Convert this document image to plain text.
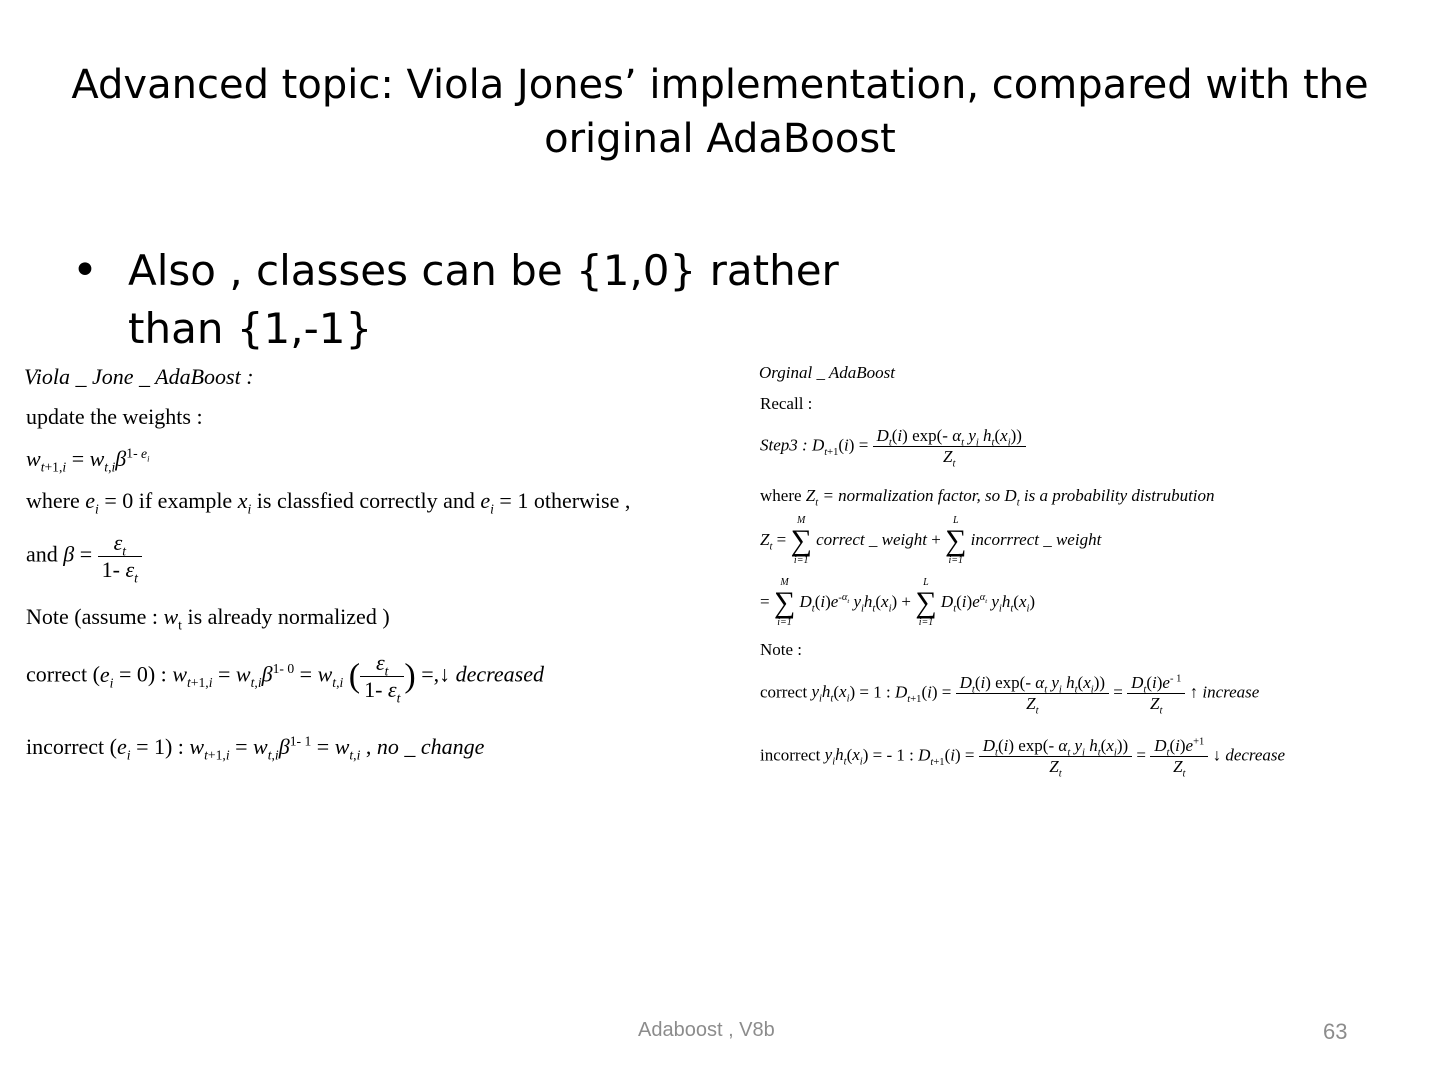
Advanced topic: Viola Jones’ implementation, compared with the
original AdaBoost
• Also , classes can be {1,0} rather
than {1,-1}
Viola _ Jone _ AdaBoost :
update the weights :
$w_{t+1,i} = w_{t,i}\beta^{1- e_i}$
where $e_i = 0$ if example $x_i$ is classfied correctly and $e_i = 1$ otherwise ,
and $\beta = \frac{\varepsilon_t}{1- \varepsilon_t}$
Note (assume : $w_t$ is already normalized )
correct $(e_i = 0)$ : $w_{t+1,i} = w_{t,i}\beta^{1- 0} = w_{t,i}$ ( $\frac{\varepsilon_t}{1- \varepsilon_t}$ ) =,↓ decreased
incorrect $(e_i = 1)$ : $w_{t+1,i} = w_{t,i}\beta^{1- 1} = w_{t,i}$ , no _ change
Orginal _ AdaBoost
Recall :
Step3 : $D_{t+1}(i) = \frac{D_t(i) \exp(- \alpha_t y_i h_t(x_i))}{Z_t}$
where $Z_t$ = normalization factor, so $D_t$ is a probability distrubution
$Z_t$ =
M
∑
i=1
correct _ weight +
L
∑
i=1
incorrrect _ weight
=
M
∑
i=1
$D_t(i)e^{-\alpha_t}$ $y_ih_t(x_i)$ +
L
∑
i=1
$D_t(i)e^{\alpha_t}$ $y_ih_t(x_i)$
Note :
correct $y_ih_t(x_i) = 1$ : $D_{t+1}(i) = \frac{D_t(i) \exp(- \alpha_t y_i h_t(x_i))}{Z_t} = \frac{D_t(i)e^{- 1}}{Z_t}$ ↑ increase
incorrect $y_ih_t(x_i)$ = - 1 : $D_{t+1}(i) = \frac{D_t(i) \exp(- \alpha_t y_i h_t(x_i))}{Z_t} = \frac{D_t(i)e^{+1}}{Z_t}$ ↓ decrease
Adaboost , V8b	63
